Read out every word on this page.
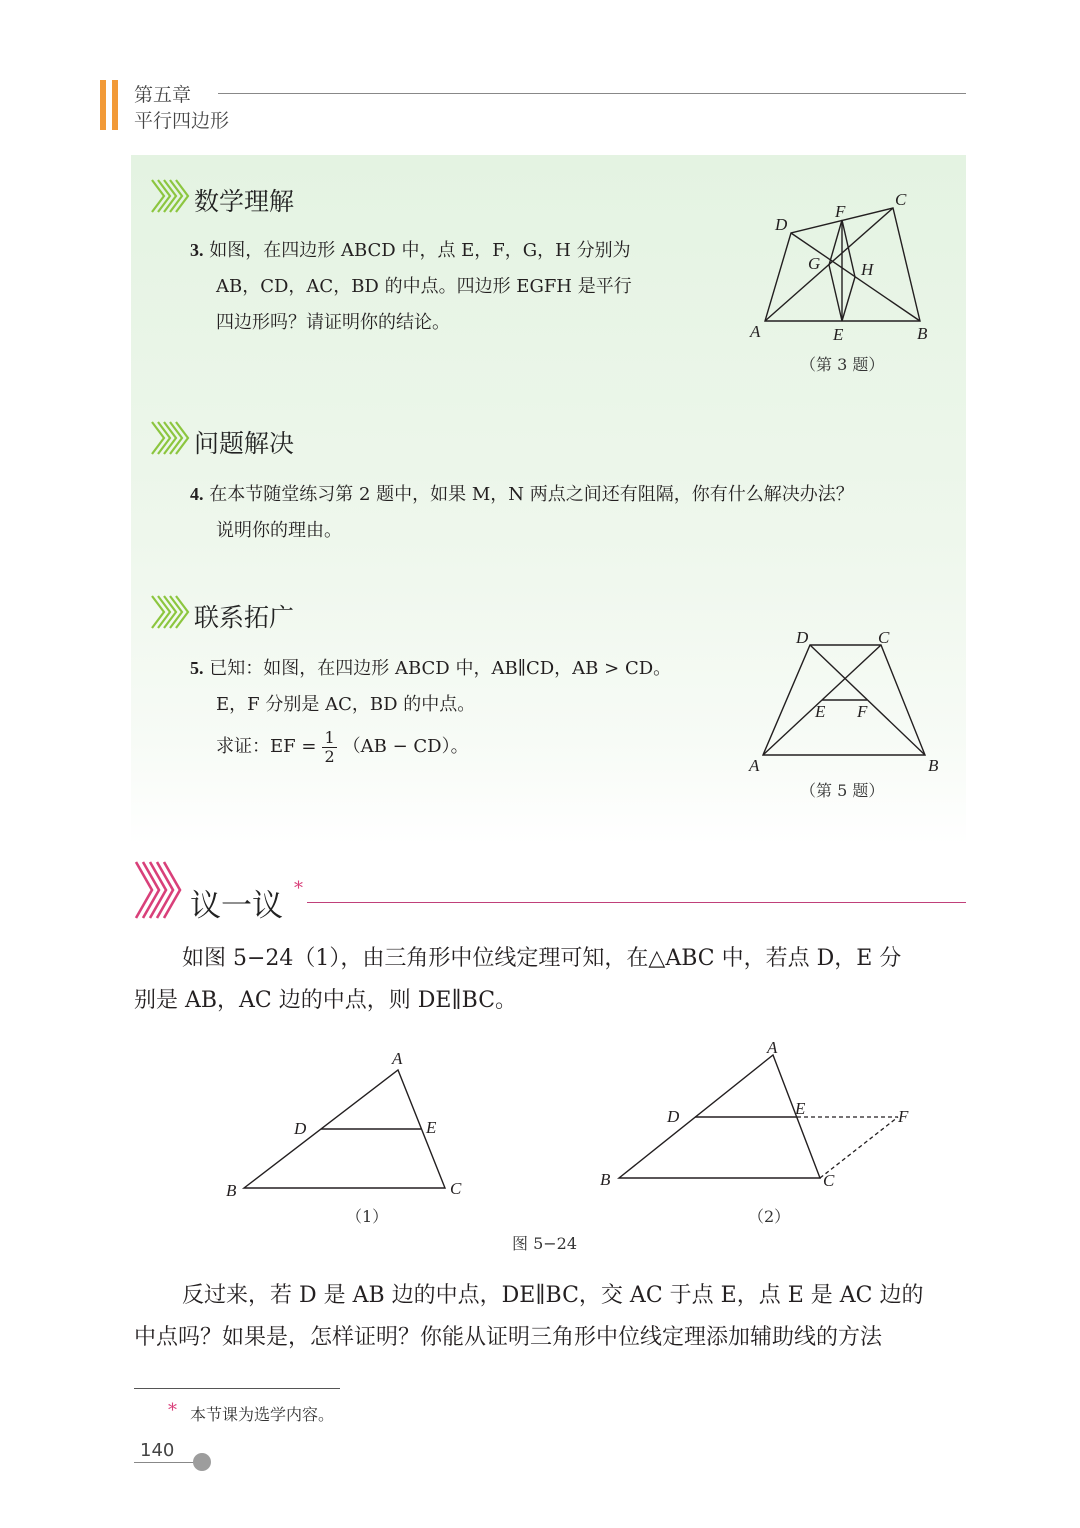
第五章
平行四边形
数学理解
3. 如图，在四边形 ABCD 中，点 E，F，G，H 分别为
AB，CD，AC，BD 的中点。四边形 EGFH 是平行
四边形吗？请证明你的结论。	A	B
C
D
E
F
G H
（第 3 题）
问题解决
4. 在本节随堂练习第 2 题中，如果 M，N 两点之间还有阻隔，你有什么解决办法？
说明你的理由。
联系拓广
5. 已知：如图，在四边形 ABCD 中，AB∥CD，AB > CD。
E，F 分别是 AC，BD 的中点。
求证：EF = $\frac{1}{2} (AB - CD)$。
A	B
C
D
E F
（第 5 题）
议一议 *
如图 5−24（1），由三角形中位线定理可知，在△ABC 中，若点 D，E 分
别是 AB，AC 边的中点，则 DE∥BC。
A
B	C
D	E
（1）
A
B	C
D	E	F
（2）
图 5−24
反过来，若 D 是 AB 边的中点，DE∥BC，交 AC 于点 E，点 E 是 AC 边的
中点吗？如果是，怎样证明？你能从证明三角形中位线定理添加辅助线的方法
* 本节课为选学内容。
140
